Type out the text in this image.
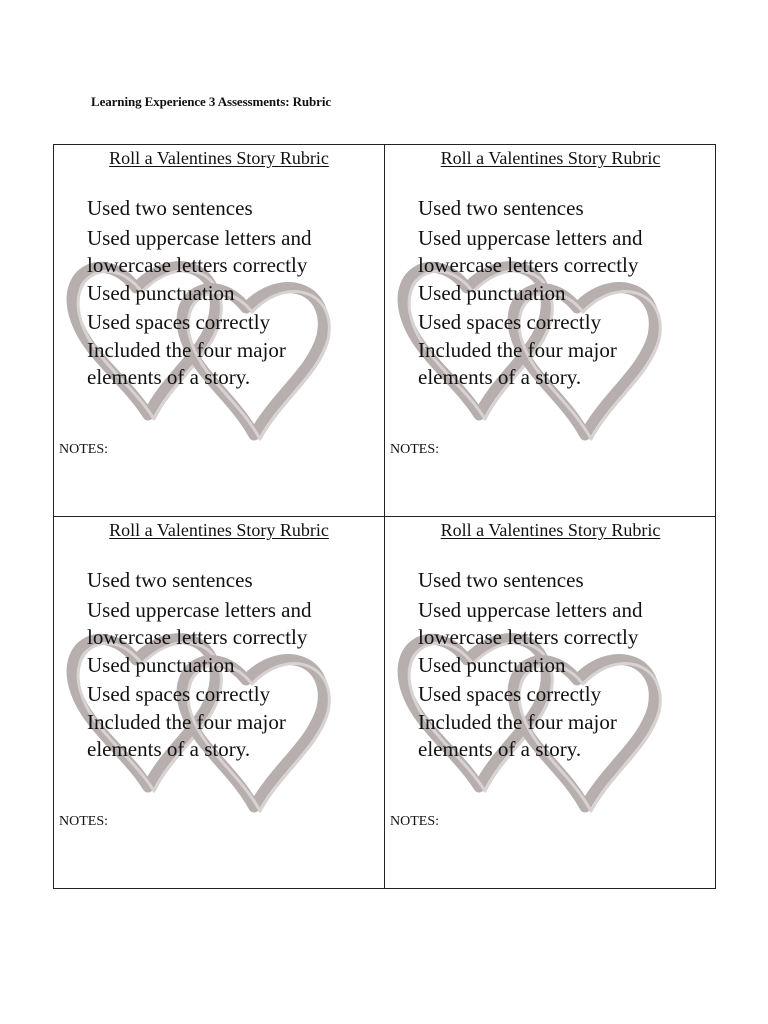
Learning Experience 3 Assessments: Rubric
Roll a Valentines Story Rubric
Used two sentences
Used uppercase letters and
lowercase letters correctly
Used punctuation
Used spaces correctly
Included the four major
elements of a story.
NOTES:
Roll a Valentines Story Rubric
Used two sentences
Used uppercase letters and
lowercase letters correctly
Used punctuation
Used spaces correctly
Included the four major
elements of a story.
NOTES:
Roll a Valentines Story Rubric
Used two sentences
Used uppercase letters and
lowercase letters correctly
Used punctuation
Used spaces correctly
Included the four major
elements of a story.
NOTES:
Roll a Valentines Story Rubric
Used two sentences
Used uppercase letters and
lowercase letters correctly
Used punctuation
Used spaces correctly
Included the four major
elements of a story.
NOTES:
